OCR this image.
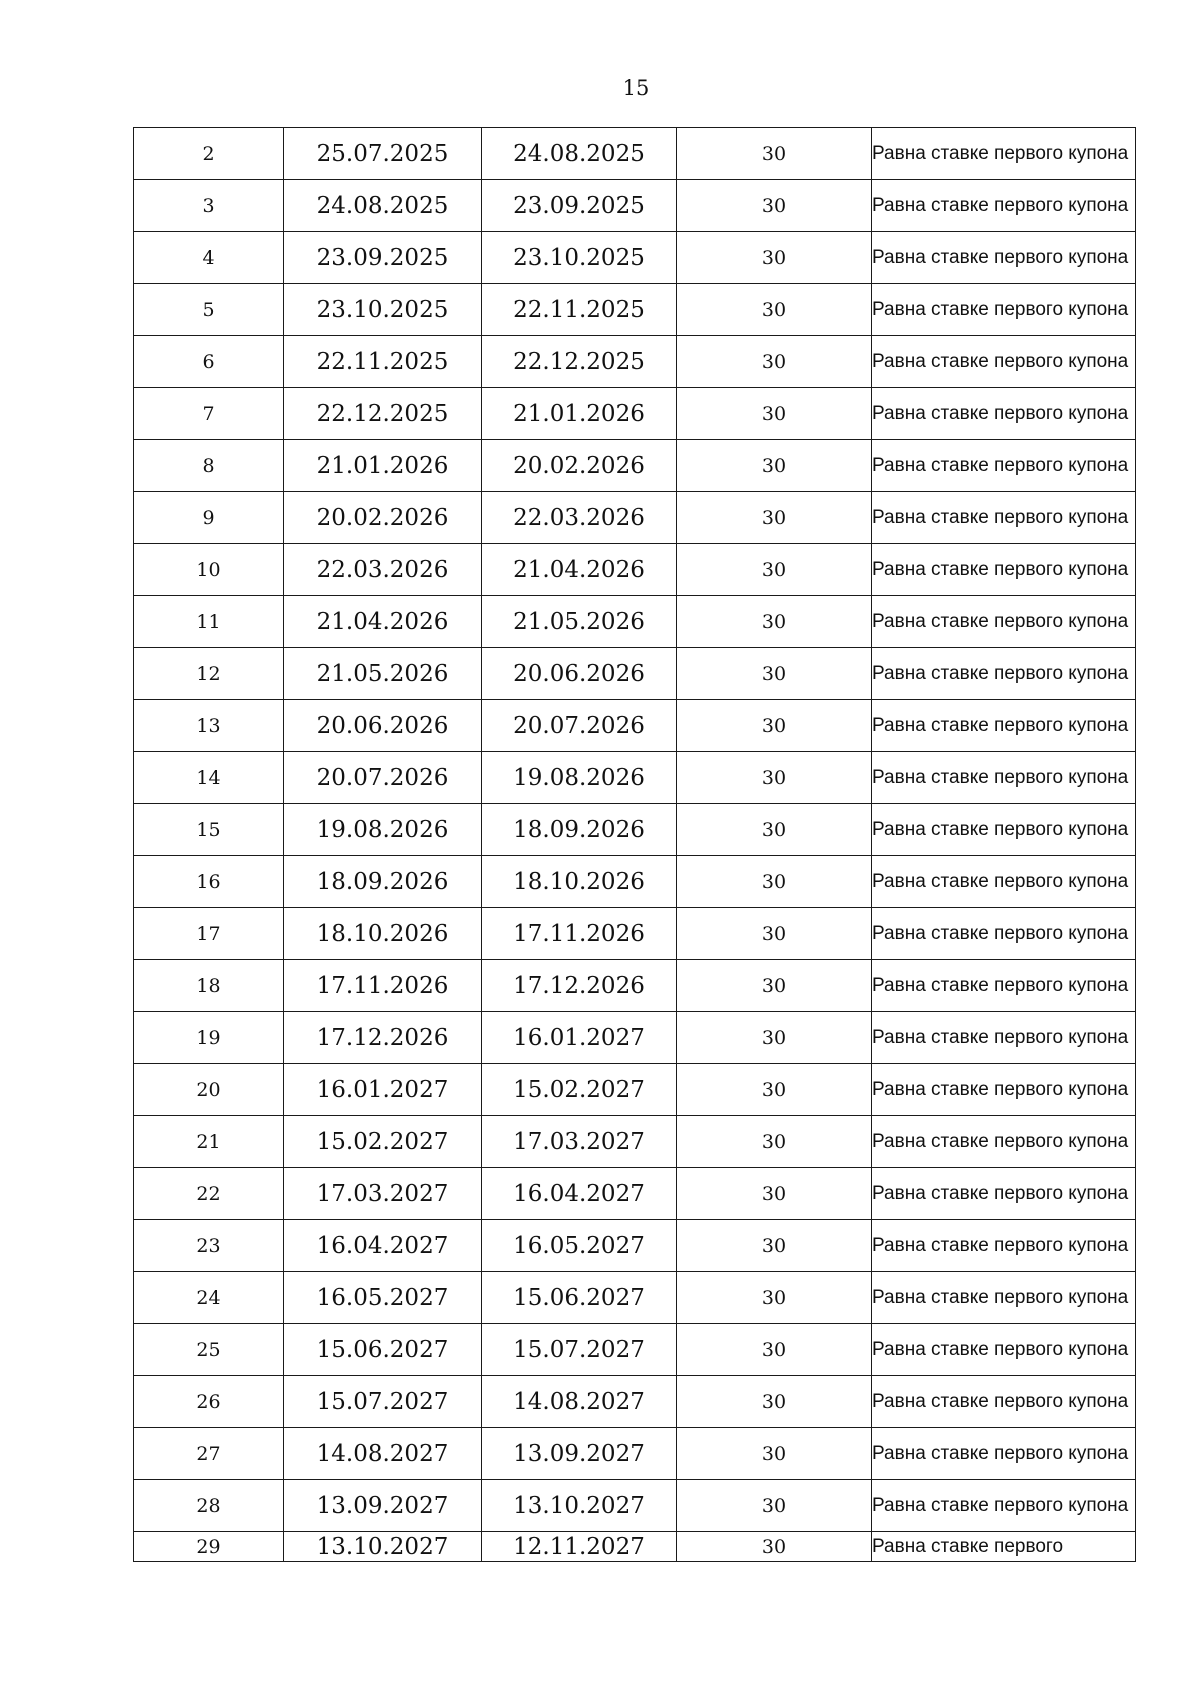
15
2	25.07.2025	24.08.2025	30	Равна ставке первого купона

3	24.08.2025	23.09.2025	30	Равна ставке первого купона

4	23.09.2025	23.10.2025	30	Равна ставке первого купона

5	23.10.2025	22.11.2025	30	Равна ставке первого купона

6	22.11.2025	22.12.2025	30	Равна ставке первого купона

7	22.12.2025	21.01.2026	30	Равна ставке первого купона

8	21.01.2026	20.02.2026	30	Равна ставке первого купона

9	20.02.2026	22.03.2026	30	Равна ставке первого купона

10	22.03.2026	21.04.2026	30	Равна ставке первого купона

11	21.04.2026	21.05.2026	30	Равна ставке первого купона

12	21.05.2026	20.06.2026	30	Равна ставке первого купона

13	20.06.2026	20.07.2026	30	Равна ставке первого купона

14	20.07.2026	19.08.2026	30	Равна ставке первого купона

15	19.08.2026	18.09.2026	30	Равна ставке первого купона

16	18.09.2026	18.10.2026	30	Равна ставке первого купона

17	18.10.2026	17.11.2026	30	Равна ставке первого купона

18	17.11.2026	17.12.2026	30	Равна ставке первого купона

19	17.12.2026	16.01.2027	30	Равна ставке первого купона

20	16.01.2027	15.02.2027	30	Равна ставке первого купона

21	15.02.2027	17.03.2027	30	Равна ставке первого купона

22	17.03.2027	16.04.2027	30	Равна ставке первого купона

23	16.04.2027	16.05.2027	30	Равна ставке первого купона

24	16.05.2027	15.06.2027	30	Равна ставке первого купона

25	15.06.2027	15.07.2027	30	Равна ставке первого купона

26	15.07.2027	14.08.2027	30	Равна ставке первого купона

27	14.08.2027	13.09.2027	30	Равна ставке первого купона

28	13.09.2027	13.10.2027	30	Равна ставке первого купона

29	13.10.2027	12.11.2027	30	Равна ставке первого
